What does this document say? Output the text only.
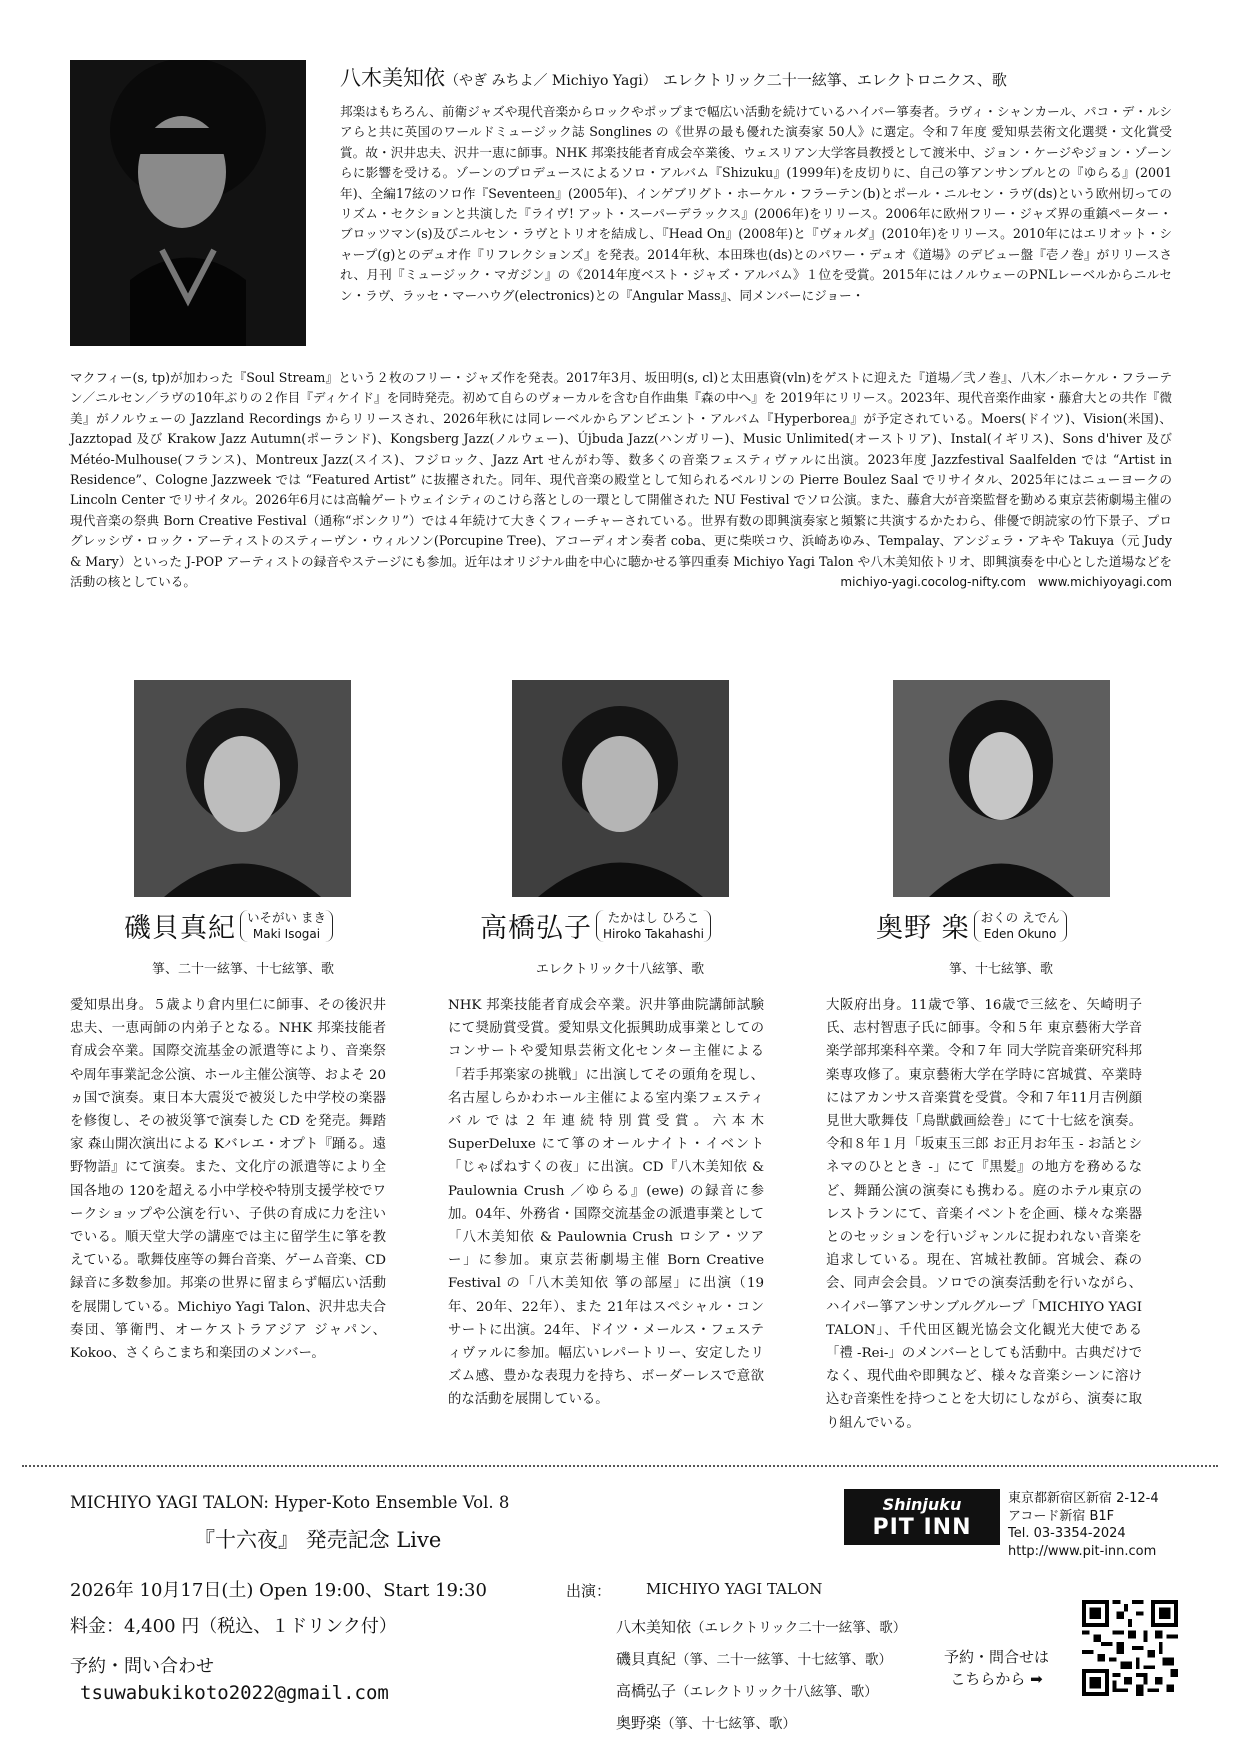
八木美知依（やぎ みちよ／ Michiyo Yagi） エレクトリック二十一絃箏、エレクトロニクス、歌
邦楽はもちろん、前衛ジャズや現代音楽からロックやポップまで幅広い活動を続けているハイパー箏奏者。ラヴィ・シャンカール、パコ・デ・ルシアらと共に英国のワールドミュージック誌 Songlines の《世界の最も優れた演奏家 50人》に選定。令和７年度 愛知県芸術文化選奨・文化賞受賞。故・沢井忠夫、沢井一恵に師事。NHK 邦楽技能者育成会卒業後、ウェスリアン大学客員教授として渡米中、ジョン・ケージやジョン・ゾーンらに影響を受ける。ゾーンのプロデュースによるソロ・アルバム『Shizuku』(1999年)を皮切りに、自己の箏アンサンブルとの『ゆらる』(2001年)、全編17絃のソロ作『Seventeen』(2005年)、インゲブリグト・ホーケル・フラーテン(b)とポール・ニルセン・ラヴ(ds)という欧州切っての リズム・セクションと共演した『ライヴ! アット・スーパーデラックス』(2006年)をリリース。2006年に欧州フリー・ジャズ界の重鎮ペーター・ブロッツマン(s)及びニルセン・ラヴとトリオを結成し、『Head On』(2008年)と『ヴォルダ』(2010年)をリリース。2010年にはエリオット・シャープ(g)とのデュオ作『リフレクションズ』を発表。2014年秋、本田珠也(ds)とのパワー・デュオ《道場》のデビュー盤『壱ノ巻』がリリースされ、月刊『ミュージック・マガジン』の《2014年度ベスト・ジャズ・アルバム》１位を受賞。2015年にはノルウェーのPNLレーベルからニルセン・ラヴ、ラッセ・マーハウグ(electronics)との『Angular Mass』、同メンバーにジョー・
マクフィー(s, tp)が加わった『Soul Stream』という２枚のフリー・ジャズ作を発表。2017年3月、坂田明(s, cl)と太田惠資(vln)をゲストに迎えた『道場／弐ノ巻』、八木／ホーケル・フラーテン／ニルセン／ラヴの10年ぶりの２作目『ディケイド』を同時発売。初めて自らのヴォーカルを含む自作曲集『森の中へ』を 2019年にリリース。2023年、現代音楽作曲家・藤倉大との共作『微美』がノルウェーの Jazzland Recordings からリリースされ、2026年秋には同レーベルからアンビエント・アルバム『Hyperborea』が予定されている。Moers(ドイツ)、Vision(米国)、Jazztopad 及び Krakow Jazz Autumn(ポーランド)、Kongsberg Jazz(ノルウェー)、Újbuda Jazz(ハンガリー)、Music Unlimited(オーストリア)、Instal(イギリス)、Sons d'hiver 及び Météo-Mulhouse(フランス)、Montreux Jazz(スイス)、フジロック、Jazz Art せんがわ等、数多くの音楽フェスティヴァルに出演。2023年度 Jazzfestival Saalfelden では “Artist in Residence”、Cologne Jazzweek では “Featured Artist” に抜擢された。同年、現代音楽の殿堂として知られるベルリンの Pierre Boulez Saal でリサイタル、2025年にはニューヨークの Lincoln Center でリサイタル。2026年6月には高輪ゲートウェイシティのこけら落としの一環として開催された NU Festival でソロ公演。また、藤倉大が音楽監督を勤める東京芸術劇場主催の現代音楽の祭典 Born Creative Festival（通称“ボンクリ”）では４年続けて大きくフィーチャーされている。世界有数の即興演奏家と頻繁に共演するかたわら、俳優で朗読家の竹下景子、プログレッシヴ・ロック・アーティストのスティーヴン・ウィルソン(Porcupine Tree)、アコーディオン奏者 coba、更に柴咲コウ、浜崎あゆみ、Tempalay、アンジェラ・アキや Takuya（元 Judy & Mary）といった J-POP アーティストの録音やステージにも参加。近年はオリジナル曲を中心に聴かせる箏四重奏 Michiyo Yagi Talon や八木美知依トリオ、即興演奏を中心とした道場などを活動の核としている。	michiyo-yagi.cocolog-nifty.com　www.michiyoyagi.com
磯貝真紀 いそがい まき
Maki Isogai	高橋弘子 たかはし ひろこ
Hiroko Takahashi	奥野 楽 おくの えでん
Eden Okuno
箏、二十一絃箏、十七絃箏、歌	エレクトリック十八絃箏、歌	箏、十七絃箏、歌
愛知県出身。５歳より倉内里仁に師事、その後沢井忠夫、一恵両師の内弟子となる。NHK 邦楽技能者育成会卒業。国際交流基金の派遣等により、音楽祭や周年事業記念公演、ホール主催公演等、およそ 20ヵ国で演奏。東日本大震災で被災した中学校の楽器を修復し、その被災箏で演奏した CD を発売。舞踏家 森山開次演出による Kバレエ・オプト『踊る。遠野物語』にて演奏。また、文化庁の派遣等により全国各地の 120を超える小中学校や特別支援学校でワークショップや公演を行い、子供の育成に力を注いでいる。順天堂大学の講座では主に留学生に箏を教えている。歌舞伎座等の舞台音楽、ゲーム音楽、CD 録音に多数参加。邦楽の世界に留まらず幅広い活動を展開している。Michiyo Yagi Talon、沢井忠夫合奏団、箏衛門、オーケストラアジア ジャパン、Kokoo、さくらこまち和楽団のメンバー。
NHK 邦楽技能者育成会卒業。沢井箏曲院講師試験にて奨励賞受賞。愛知県文化振興助成事業としてのコンサートや愛知県芸術文化センター主催による「若手邦楽家の挑戦」に出演してその頭角を現し、名古屋しらかわホール主催による室内楽フェスティバルでは２年連続特別賞受賞。六本木 SuperDeluxe にて箏のオールナイト・イベント「じゃぱねすくの夜」に出演。CD『八木美知依 & Paulownia Crush ／ゆらる』(ewe) の録音に参加。04年、外務省・国際交流基金の派遣事業として「八木美知依 & Paulownia Crush ロシア・ツアー」に参加。東京芸術劇場主催 Born Creative Festival の「八木美知依 箏の部屋」に出演（19年、20年、22年）、また 21年はスペシャル・コンサートに出演。24年、ドイツ・メールス・フェスティヴァルに参加。幅広いレパートリー、安定したリズム感、豊かな表現力を持ち、ボーダーレスで意欲的な活動を展開している。
大阪府出身。11歳で箏、16歳で三絃を、矢崎明子氏、志村智恵子氏に師事。令和５年 東京藝術大学音楽学部邦楽科卒業。令和７年 同大学院音楽研究科邦楽専攻修了。東京藝術大学在学時に宮城賞、卒業時にはアカンサス音楽賞を受賞。令和７年11月吉例顔見世大歌舞伎「鳥獣戯画絵巻」にて十七絃を演奏。令和８年１月「坂東玉三郎 お正月お年玉 - お話とシネマのひととき -」にて『黒髪』の地方を務めるなど、舞踊公演の演奏にも携わる。庭のホテル東京のレストランにて、音楽イベントを企画、様々な楽器とのセッションを行いジャンルに捉われない音楽を追求している。現在、宮城社教師。宮城会、森の会、同声会会員。ソロでの演奏活動を行いながら、ハイパー箏アンサンブルグループ「MICHIYO YAGI TALON」、千代田区観光協会文化観光大使である「禮 -Rei-」のメンバーとしても活動中。古典だけでなく、現代曲や即興など、様々な音楽シーンに溶け込む音楽性を持つことを大切にしながら、演奏に取り組んでいる。
MICHIYO YAGI TALON: Hyper-Koto Ensemble Vol. 8
『十六夜』 発売記念 Live
2026年 10月17日(土) Open 19:00、Start 19:30
料金：4,400 円（税込、１ドリンク付）
予約・問い合わせ
tsuwabukikoto2022@gmail.com
出演： MICHIYO YAGI TALON
八木美知依（エレクトリック二十一絃箏、歌）
磯貝真紀（箏、二十一絃箏、十七絃箏、歌）
高橋弘子（エレクトリック十八絃箏、歌）
奥野楽（箏、十七絃箏、歌）
Shinjuku
PIT INN
東京都新宿区新宿 2-12-4
アコード新宿 B1F
Tel. 03-3354-2024
http://www.pit-inn.com
予約・問合せは
こちらから ➡
